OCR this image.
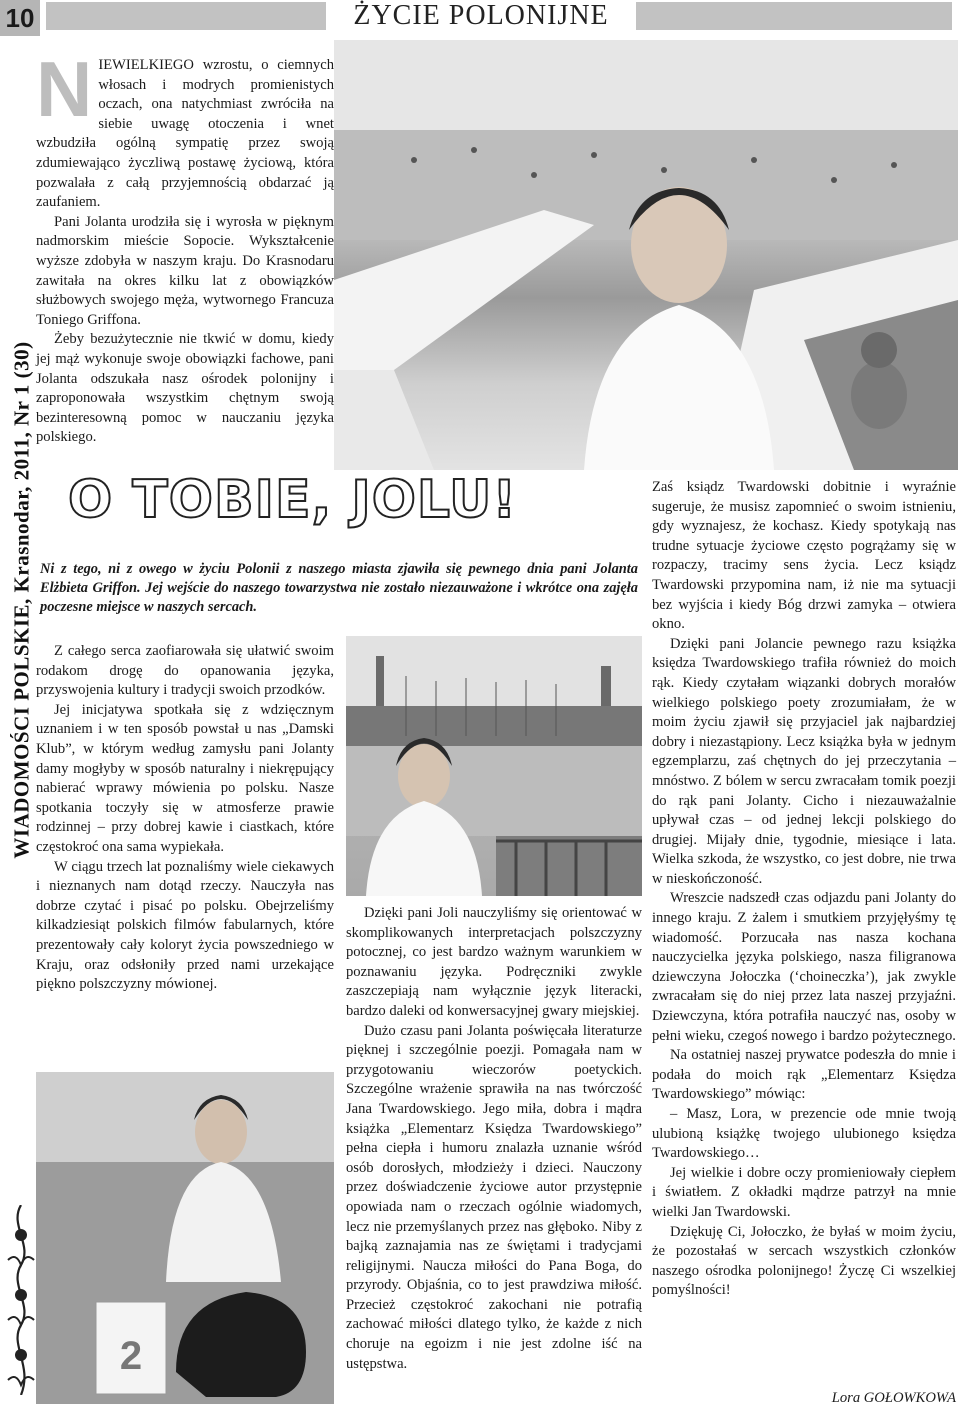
10	ŻYCIE POLONIJNE
WIADOMOŚCI POLSKIE, Krasnodar, 2011, Nr 1 (30)
N IEWIELKIEGO wzrostu, o ciemnych włosach i modrych promienistych oczach, ona natychmiast zwróciła na siebie uwagę otoczenia i wnet wzbudziła ogólną sympatię przez swoją zdumiewająco życzliwą postawę życiową, która pozwalała z całą przyjemnością obdarzać ją zaufaniem.

Pani Jolanta urodziła się i wyrosła w pięknym nadmorskim mieście Sopocie. Wykształcenie wyższe zdobyła w naszym kraju. Do Krasnodaru zawitała na okres kilku lat z obowiązków służbowych swojego męża, wytwornego Francuza Toniego Griffona.

Żeby bezużytecznie nie tkwić w domu, kiedy jej mąż wykonuje swoje obowiązki fachowe, pani Jolanta odszukała nasz ośrodek polonijny i zaproponowała wszystkim chętnym swoją bezinteresowną pomoc w nauczaniu języka polskiego.

O TOBIE, JOLU!
Ni z tego, ni z owego w życiu Polonii z naszego miasta zjawiła się pewnego dnia pani Jolanta Elżbieta Griffon. Jej wejście do naszego towarzystwa nie zostało niezauważone i wkrótce ona zajęła poczesne miejsce w naszych sercach.

Z całego serca zaofiarowała się ułatwić swoim rodakom drogę do opanowania języka, przyswojenia kultury i tradycji swoich przodków.

Jej inicjatywa spotkała się z wdzięcznym uznaniem i w ten sposób powstał u nas „Damski Klub”, w którym według zamysłu pani Jolanty damy mogłyby w sposób naturalny i niekrępujący nabierać wprawy mówienia po polsku. Nasze spotkania toczyły się w atmosferze prawie rodzinnej – przy dobrej kawie i ciastkach, które częstokroć ona sama wypiekała.

W ciągu trzech lat poznaliśmy wiele ciekawych i nieznanych nam dotąd rzeczy. Nauczyła nas dobrze czytać i pisać po polsku. Obejrzeliśmy kilkadziesiąt polskich filmów fabularnych, które prezentowały cały koloryt życia powszedniego w Kraju, oraz odsłoniły przed nami urzekające piękno polszczyzny mówionej.

Dzięki pani Joli nauczyliśmy się orientować w skomplikowanych interpretacjach polszczyzny potocznej, co jest bardzo ważnym warunkiem w poznawaniu języka. Podręczniki zwykle zaszczepiają nam wyłącznie język literacki, bardzo daleki od konwersacyjnej gwary miejskiej.

Dużo czasu pani Jolanta poświęcała literaturze pięknej i szczególnie poezji. Pomagała nam w przygotowaniu wieczorów poetyckich. Szczególne wrażenie sprawiła na nas twórczość Jana Twardowskiego. Jego miła, dobra i mądra książka „Elementarz Księdza Twardowskiego” pełna ciepła i humoru znalazła uznanie wśród osób dorosłych, młodzieży i dzieci. Nauczony przez doświadczenie życiowe autor przystępnie opowiada nam o rzeczach ogólnie wiadomych, lecz nie przemyślanych przez nas głęboko. Niby z bajką zaznajamia nas ze świętami i tradycjami religijnymi. Naucza miłości do Pana Boga, do przyrody. Objaśnia, co to jest prawdziwa miłość. Przecież częstokroć zakochani nie potrafią zachować miłości dlatego tylko, że każde z nich choruje na egoizm i nie jest zdolne iść na ustępstwa.

Zaś ksiądz Twardowski dobitnie i wyraźnie sugeruje, że musisz zapomnieć o swoim istnieniu, gdy wyznajesz, że kochasz. Kiedy spotykają nas trudne sytuacje życiowe często pogrążamy się w rozpaczy, tracimy sens życia. Lecz ksiądz Twardowski przypomina nam, iż nie ma sytuacji bez wyjścia i kiedy Bóg drzwi zamyka – otwiera okno.

Dzięki pani Jolancie pewnego razu książka księdza Twardowskiego trafiła również do moich rąk. Kiedy czytałam wiązanki dobrych morałów wielkiego polskiego poety zrozumiałam, że w moim życiu zjawił się przyjaciel jak najbardziej dobry i niezastąpiony. Lecz książka była w jednym egzemplarzu, zaś chętnych do jej przeczytania – mnóstwo. Z bólem w sercu zwracałam tomik poezji do rąk pani Jolanty. Cicho i niezauważalnie upływał czas – od jednej lekcji polskiego do drugiej. Mijały dnie, tygodnie, miesiące i lata. Wielka szkoda, że wszystko, co jest dobre, nie trwa w nieskończoność.

Wreszcie nadszedł czas odjazdu pani Jolanty do innego kraju. Z żalem i smutkiem przyjęłyśmy tę wiadomość. Porzucała nas nasza kochana nauczycielka języka polskiego, nasza filigranowa dziewczyna Jołoczka (‘choineczka’), jak zwykle zwracałam się do niej przez lata naszej przyjaźni. Dziewczyna, która potrafiła nauczyć nas, osoby w pełni wieku, czegoś nowego i bardzo pożytecznego.

Na ostatniej naszej prywatce podeszła do mnie i podała do moich rąk „Elementarz Księdza Twardowskiego” mówiąc:

– Masz, Lora, w prezencie ode mnie twoją ulubioną książkę twojego ulubionego księdza Twardowskiego…

Jej wielkie i dobre oczy promieniowały ciepłem i światłem. Z okładki mądrze patrzył na mnie wielki Jan Twardowski.

Dziękuję Ci, Jołoczko, że byłaś w moim życiu, że pozostałaś w sercach wszystkich członków naszego ośrodka polonijnego! Życzę Ci wszelkiej pomyślności!

2
Lora GOŁOWKOWA
